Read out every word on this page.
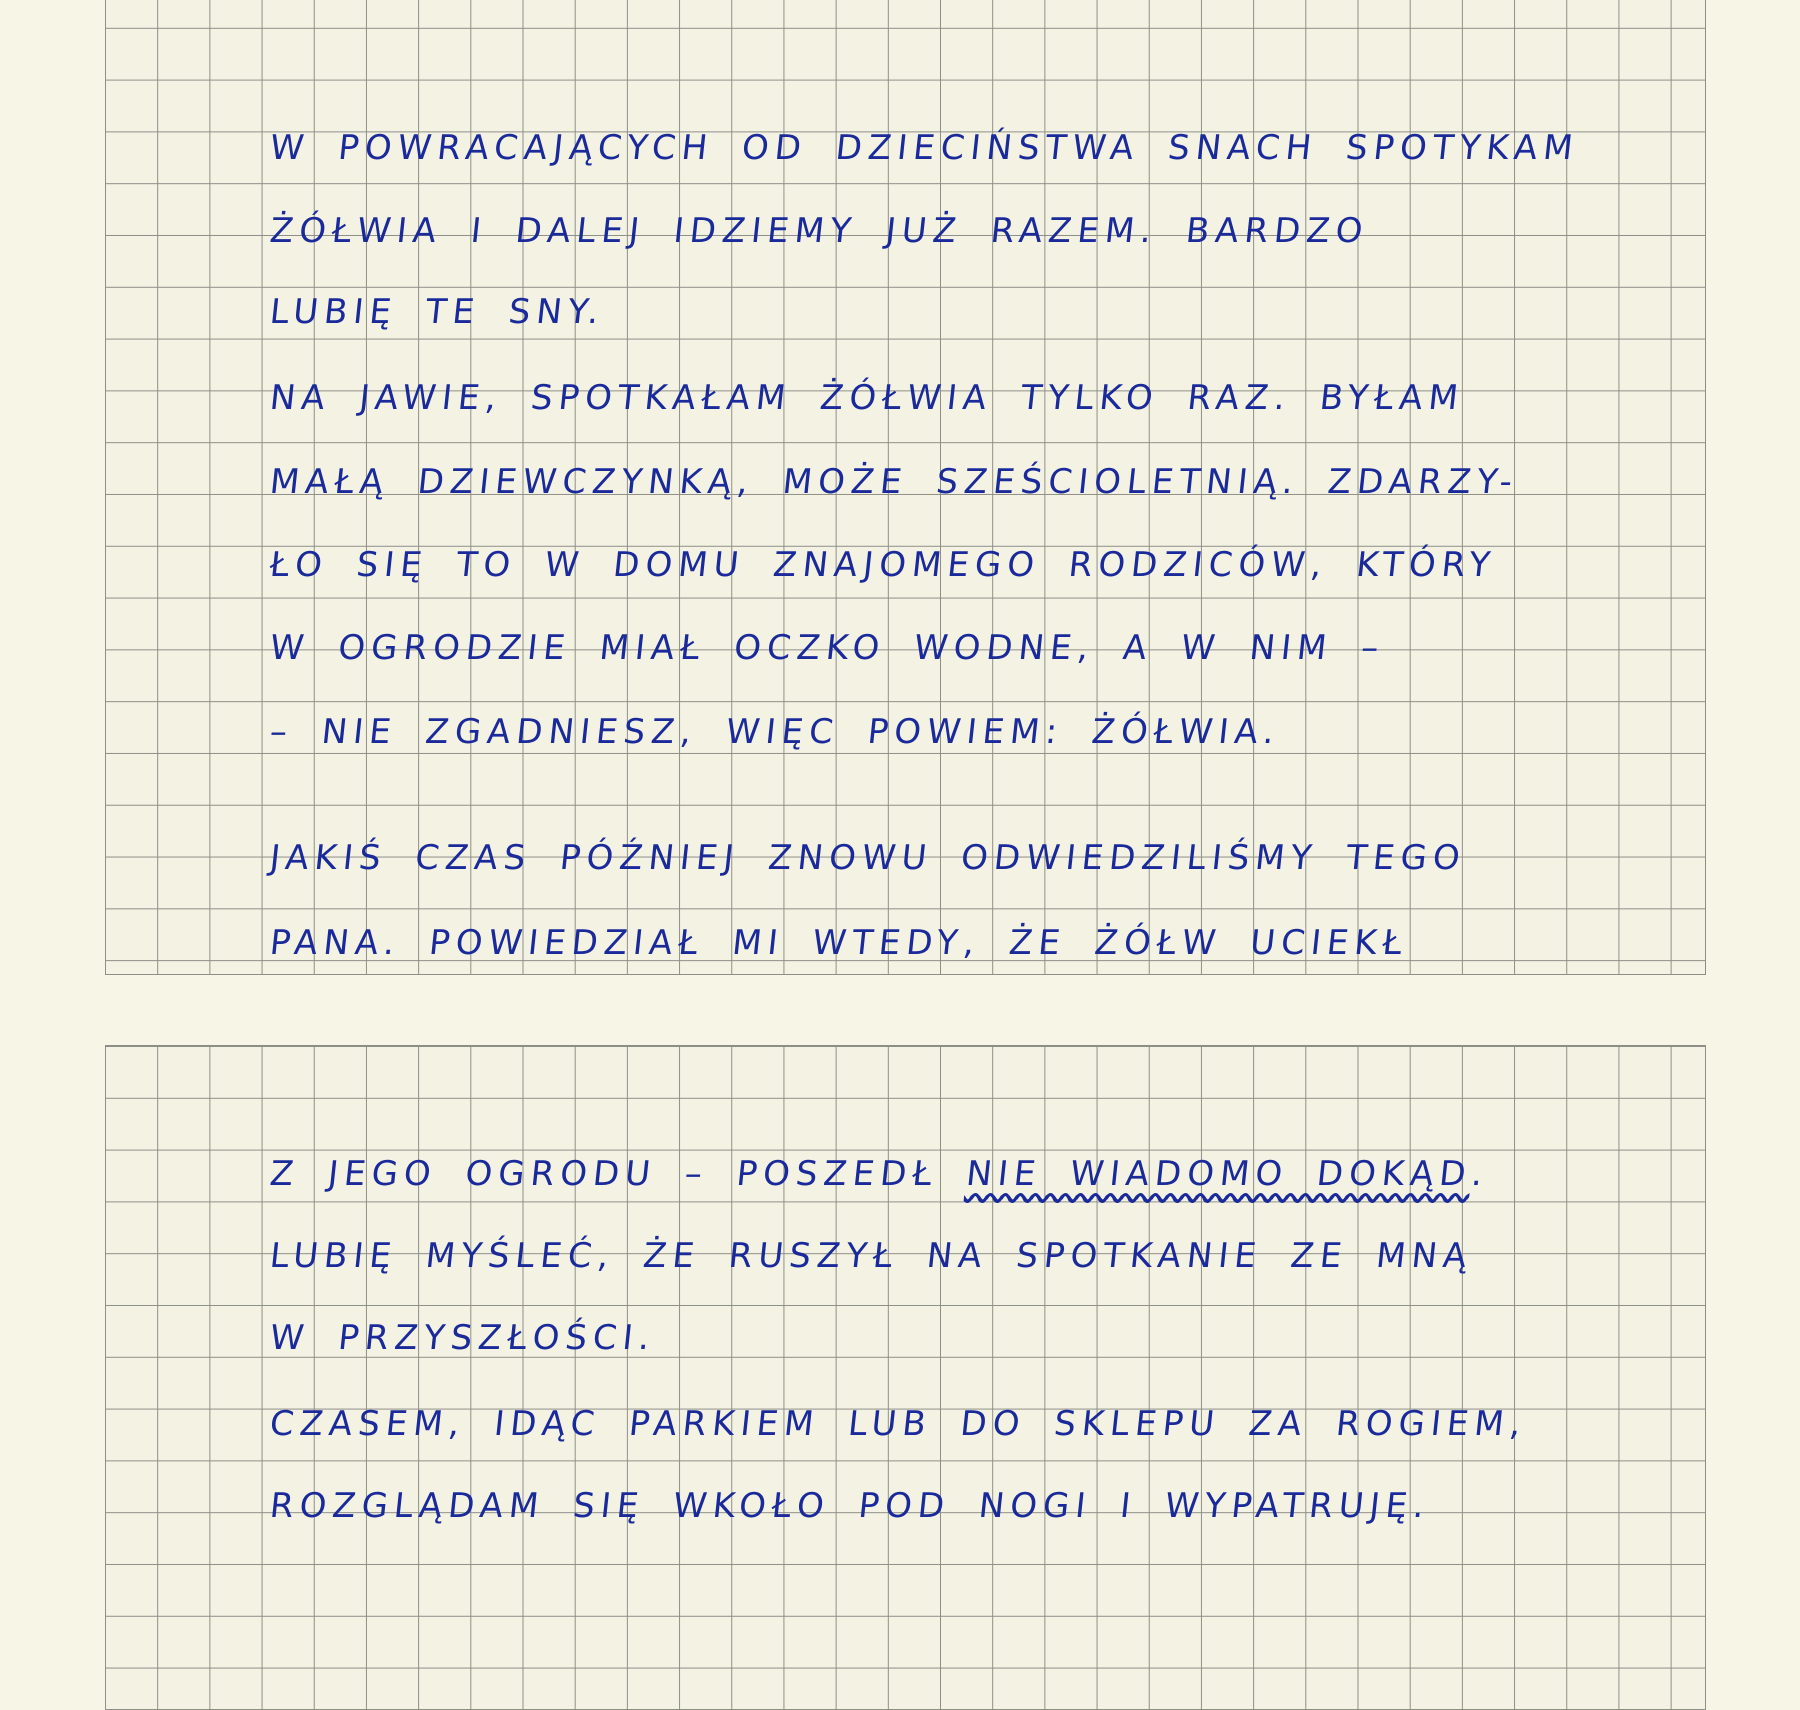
W POWRACAJĄCYCH OD DZIECIŃSTWA SNACH SPOTYKAM

ŻÓŁWIA I DALEJ IDZIEMY JUŻ RAZEM. BARDZO

LUBIĘ TE SNY.

NA JAWIE, SPOTKAŁAM ŻÓŁWIA TYLKO RAZ. BYŁAM

MAŁĄ DZIEWCZYNKĄ, MOŻE SZEŚCIOLETNIĄ. ZDARZY-

ŁO SIĘ TO W DOMU ZNAJOMEGO RODZICÓW, KTÓRY

W OGRODZIE MIAŁ OCZKO WODNE, A W NIM –

– NIE ZGADNIESZ, WIĘC POWIEM: ŻÓŁWIA.

JAKIŚ CZAS PÓŹNIEJ ZNOWU ODWIEDZILIŚMY TEGO

PANA. POWIEDZIAŁ MI WTEDY, ŻE ŻÓŁW UCIEKŁ

Z JEGO OGRODU – POSZEDŁ NIE WIADOMO DOKĄD.

LUBIĘ MYŚLEĆ, ŻE RUSZYŁ NA SPOTKANIE ZE MNĄ

W PRZYSZŁOŚCI.

CZASEM, IDĄC PARKIEM LUB DO SKLEPU ZA ROGIEM,

ROZGLĄDAM SIĘ WKOŁO POD NOGI I WYPATRUJĘ.
